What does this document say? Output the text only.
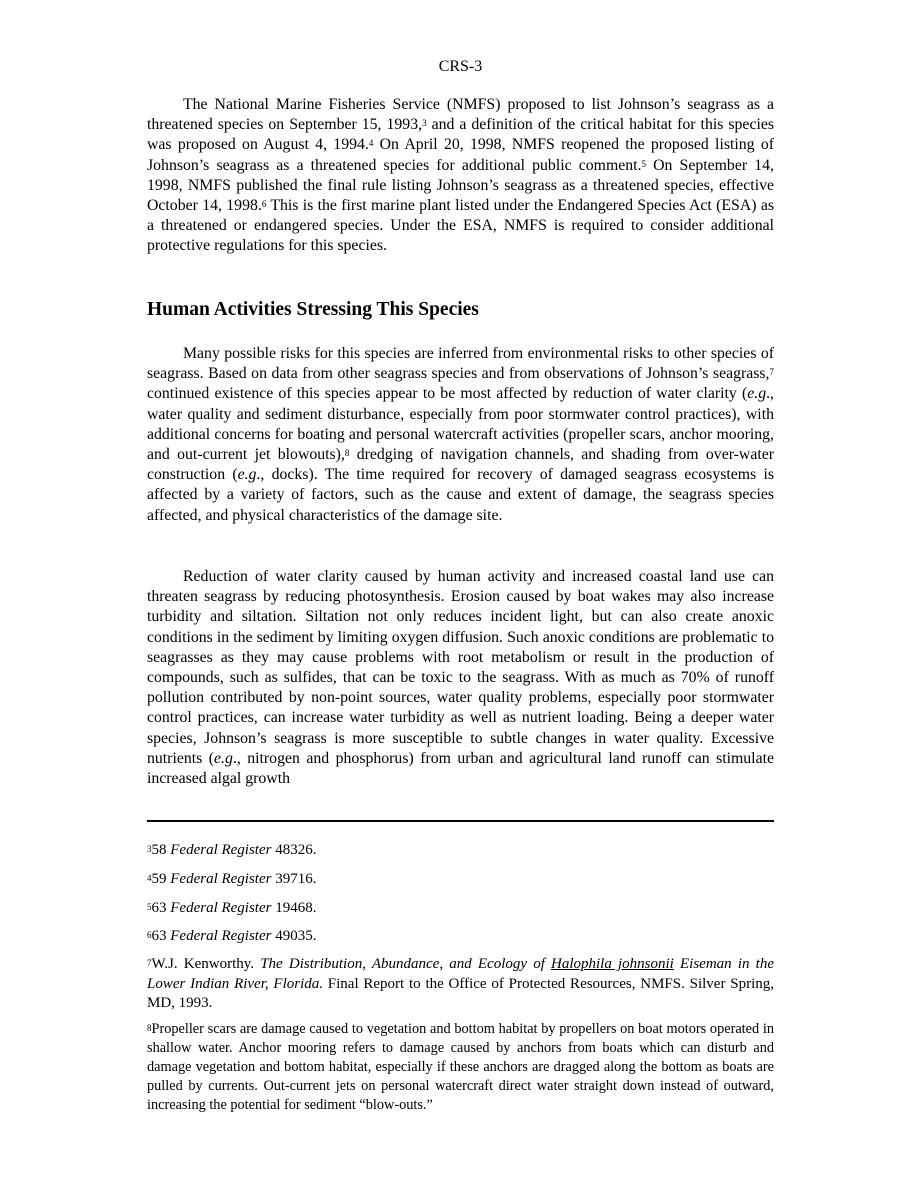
CRS-3

The National Marine Fisheries Service (NMFS) proposed to list Johnson’s seagrass as a threatened species on September 15, 1993,$^3$ and a definition of the critical habitat for this species was proposed on August 4, 1994.$^4$ On April 20, 1998, NMFS reopened the proposed listing of Johnson’s seagrass as a threatened species for additional public comment.$^5$ On September 14, 1998, NMFS published the final rule listing Johnson’s seagrass as a threatened species, effective October 14, 1998.$^6$ This is the first marine plant listed under the Endangered Species Act (ESA) as a threatened or endangered species. Under the ESA, NMFS is required to consider additional protective regulations for this species.

Human Activities Stressing This Species

Many possible risks for this species are inferred from environmental risks to other species of seagrass. Based on data from other seagrass species and from observations of Johnson’s seagrass,$^7$ continued existence of this species appear to be most affected by reduction of water clarity (e.g., water quality and sediment disturbance, especially from poor stormwater control practices), with additional concerns for boating and personal watercraft activities (propeller scars, anchor mooring, and out-current jet blowouts),$^8$ dredging of navigation channels, and shading from over-water construction (e.g., docks). The time required for recovery of damaged seagrass ecosystems is affected by a variety of factors, such as the cause and extent of damage, the seagrass species affected, and physical characteristics of the damage site.

Reduction of water clarity caused by human activity and increased coastal land use can threaten seagrass by reducing photosynthesis. Erosion caused by boat wakes may also increase turbidity and siltation. Siltation not only reduces incident light, but can also create anoxic conditions in the sediment by limiting oxygen diffusion. Such anoxic conditions are problematic to seagrasses as they may cause problems with root metabolism or result in the production of compounds, such as sulfides, that can be toxic to the seagrass. With as much as 70% of runoff pollution contributed by non-point sources, water quality problems, especially poor stormwater control practices, can increase water turbidity as well as nutrient loading. Being a deeper water species, Johnson’s seagrass is more susceptible to subtle changes in water quality. Excessive nutrients (e.g., nitrogen and phosphorus) from urban and agricultural land runoff can stimulate increased algal growth

$^3$58 Federal Register 48326.

$^4$59 Federal Register 39716.

$^5$63 Federal Register 19468.

$^6$63 Federal Register 49035.

$^7$W.J. Kenworthy. The Distribution, Abundance, and Ecology of Halophila johnsonii Eiseman in the Lower Indian River, Florida. Final Report to the Office of Protected Resources, NMFS. Silver Spring, MD, 1993.

$^8$Propeller scars are damage caused to vegetation and bottom habitat by propellers on boat motors operated in shallow water. Anchor mooring refers to damage caused by anchors from boats which can disturb and damage vegetation and bottom habitat, especially if these anchors are dragged along the bottom as boats are pulled by currents. Out-current jets on personal watercraft direct water straight down instead of outward, increasing the potential for sediment “blow-outs.”
